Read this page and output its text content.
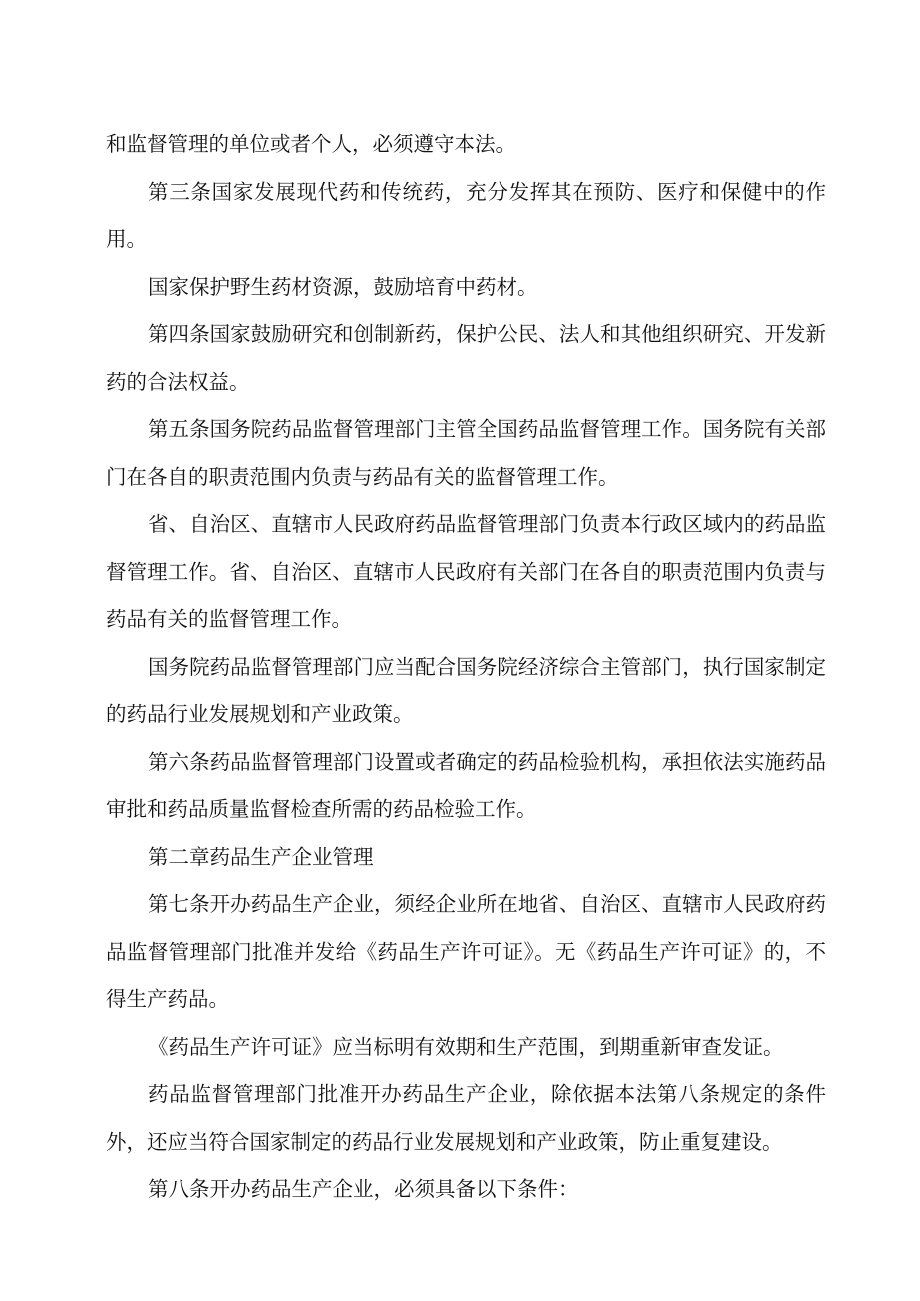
和监督管理的单位或者个人，必须遵守本法。

第三条国家发展现代药和传统药，充分发挥其在预防、医疗和保健中的作用。

国家保护野生药材资源，鼓励培育中药材。

第四条国家鼓励研究和创制新药，保护公民、法人和其他组织研究、开发新药的合法权益。

第五条国务院药品监督管理部门主管全国药品监督管理工作。国务院有关部门在各自的职责范围内负责与药品有关的监督管理工作。

省、自治区、直辖市人民政府药品监督管理部门负责本行政区域内的药品监督管理工作。省、自治区、直辖市人民政府有关部门在各自的职责范围内负责与药品有关的监督管理工作。

国务院药品监督管理部门应当配合国务院经济综合主管部门，执行国家制定的药品行业发展规划和产业政策。

第六条药品监督管理部门设置或者确定的药品检验机构，承担依法实施药品审批和药品质量监督检查所需的药品检验工作。

第二章药品生产企业管理

第七条开办药品生产企业，须经企业所在地省、自治区、直辖市人民政府药品监督管理部门批准并发给《药品生产许可证》。无《药品生产许可证》的，不得生产药品。

《药品生产许可证》应当标明有效期和生产范围，到期重新审查发证。

药品监督管理部门批准开办药品生产企业，除依据本法第八条规定的条件外，还应当符合国家制定的药品行业发展规划和产业政策，防止重复建设。

第八条开办药品生产企业，必须具备以下条件：
